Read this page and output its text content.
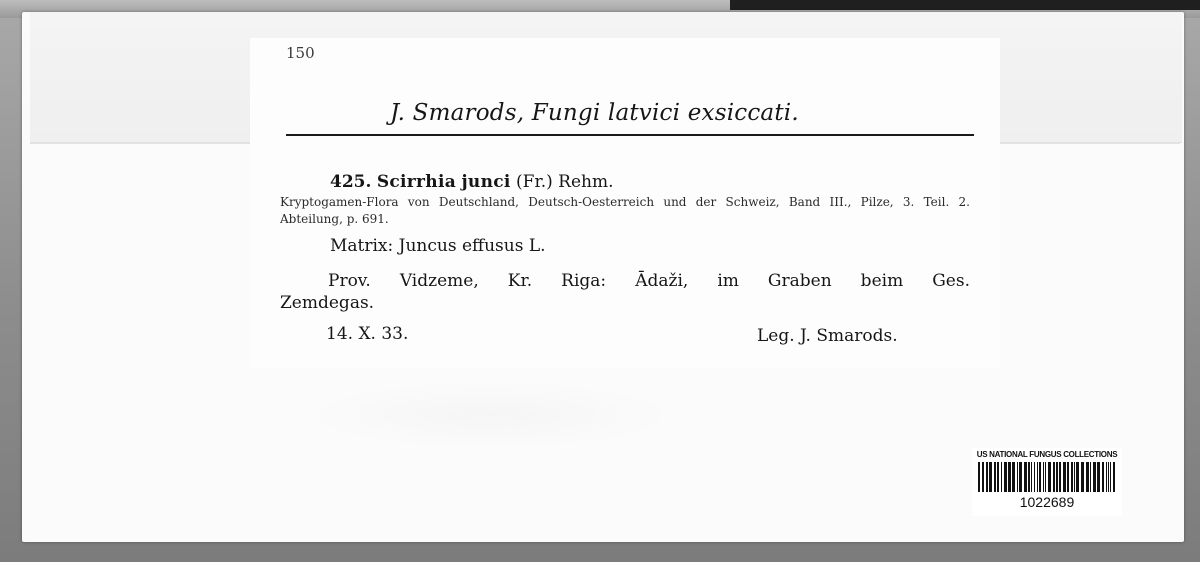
150
J. Smarods, Fungi latvici exsiccati.
425. Scirrhia junci (Fr.) Rehm.
Kryptogamen-Flora von Deutschland, Deutsch-Oesterreich und der Schweiz, Band III., Pilze, 3. Teil. 2. Abteilung, p. 691.
Matrix: Juncus effusus L.
Prov. Vidzeme, Kr. Riga: Ādaži, im Graben beim Ges.
Zemdegas.
14. X. 33.	Leg. J. Smarods.
US NATIONAL FUNGUS COLLECTIONS
1022689
